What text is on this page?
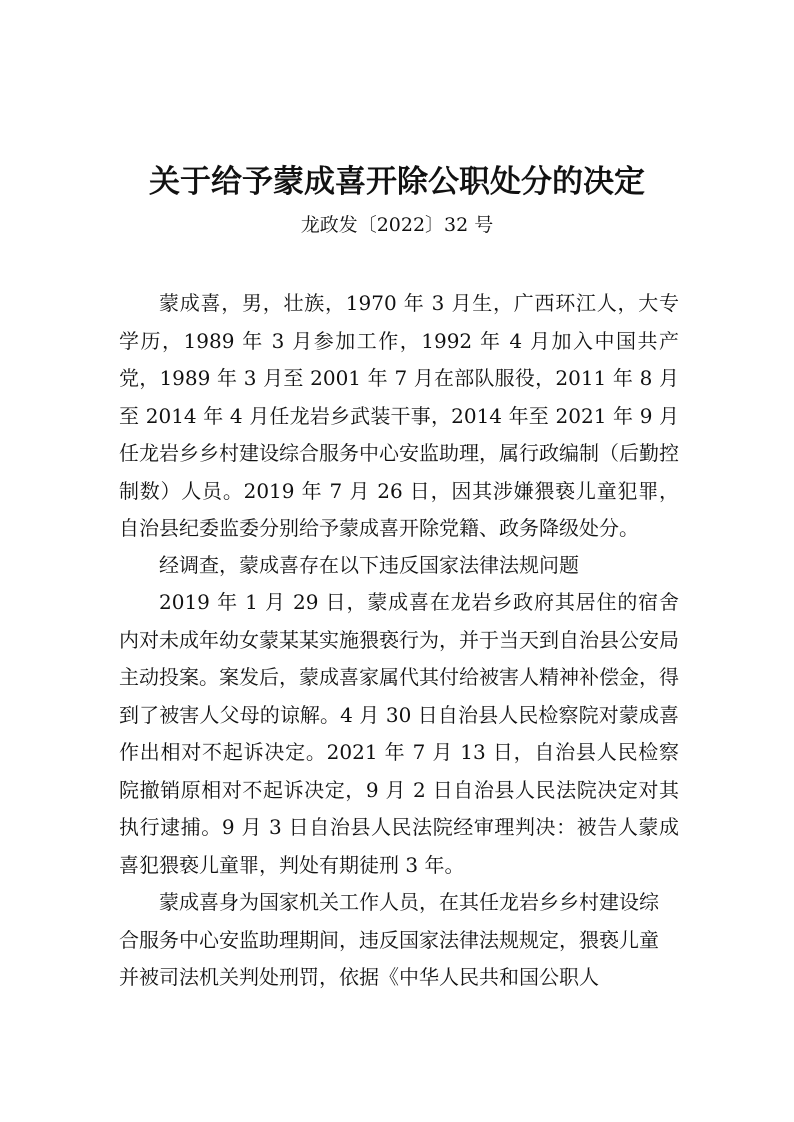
关于给予蒙成喜开除公职处分的决定
龙政发〔2022〕32 号

蒙成喜，男，壮族，1970 年 3 月生，广西环江人，大专学历，1989 年 3 月参加工作，1992 年 4 月加入中国共产党，1989 年 3 月至 2001 年 7 月在部队服役，2011 年 8 月至 2014 年 4 月任龙岩乡武装干事，2014 年至 2021 年 9 月任龙岩乡乡村建设综合服务中心安监助理，属行政编制（后勤控制数）人员。2019 年 7 月 26 日，因其涉嫌猥亵儿童犯罪，自治县纪委监委分别给予蒙成喜开除党籍、政务降级处分。

经调查，蒙成喜存在以下违反国家法律法规问题

2019 年 1 月 29 日，蒙成喜在龙岩乡政府其居住的宿舍内对未成年幼女蒙某某实施猥亵行为，并于当天到自治县公安局主动投案。案发后，蒙成喜家属代其付给被害人精神补偿金，得到了被害人父母的谅解。4 月 30 日自治县人民检察院对蒙成喜作出相对不起诉决定。2021 年 7 月 13 日，自治县人民检察院撤销原相对不起诉决定，9 月 2 日自治县人民法院决定对其执行逮捕。9 月 3 日自治县人民法院经审理判决：被告人蒙成喜犯猥亵儿童罪，判处有期徒刑 3 年。

蒙成喜身为国家机关工作人员，在其任龙岩乡乡村建设综合服务中心安监助理期间，违反国家法律法规规定，猥亵儿童并被司法机关判处刑罚，依据《中华人民共和国公职人
